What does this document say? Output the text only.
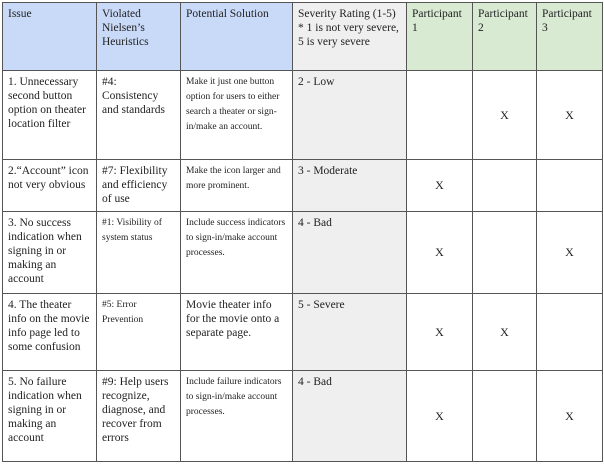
Issue	Violated Nielsen’s Heuristics	Potential Solution	Severity Rating (1-5) * 1 is not very severe, 5 is very severe	Participant 1	Participant 2	Participant 3
1. Unnecessary second button option on theater location filter	#4: Consistency and standards	Make it just one button option for users to either search a theater or sign-in/make an account.	2 - Low		X	X
2.“Account” icon not very obvious	#7: Flexibility and efficiency of use	Make the icon larger and more prominent.	3 - Moderate	X		
3. No success indication when signing in or making an account	#1: Visibility of system status	Include success indicators to sign-in/make account processes.	4 - Bad	X		X
4. The theater info on the movie info page led to some confusion	#5: Error Prevention	Movie theater info for the movie onto a separate page.	5 - Severe	X	X	
5. No failure indication when signing in or making an account	#9: Help users recognize, diagnose, and recover from errors	Include failure indicators to sign-in/make account processes.	4 - Bad	X		X
